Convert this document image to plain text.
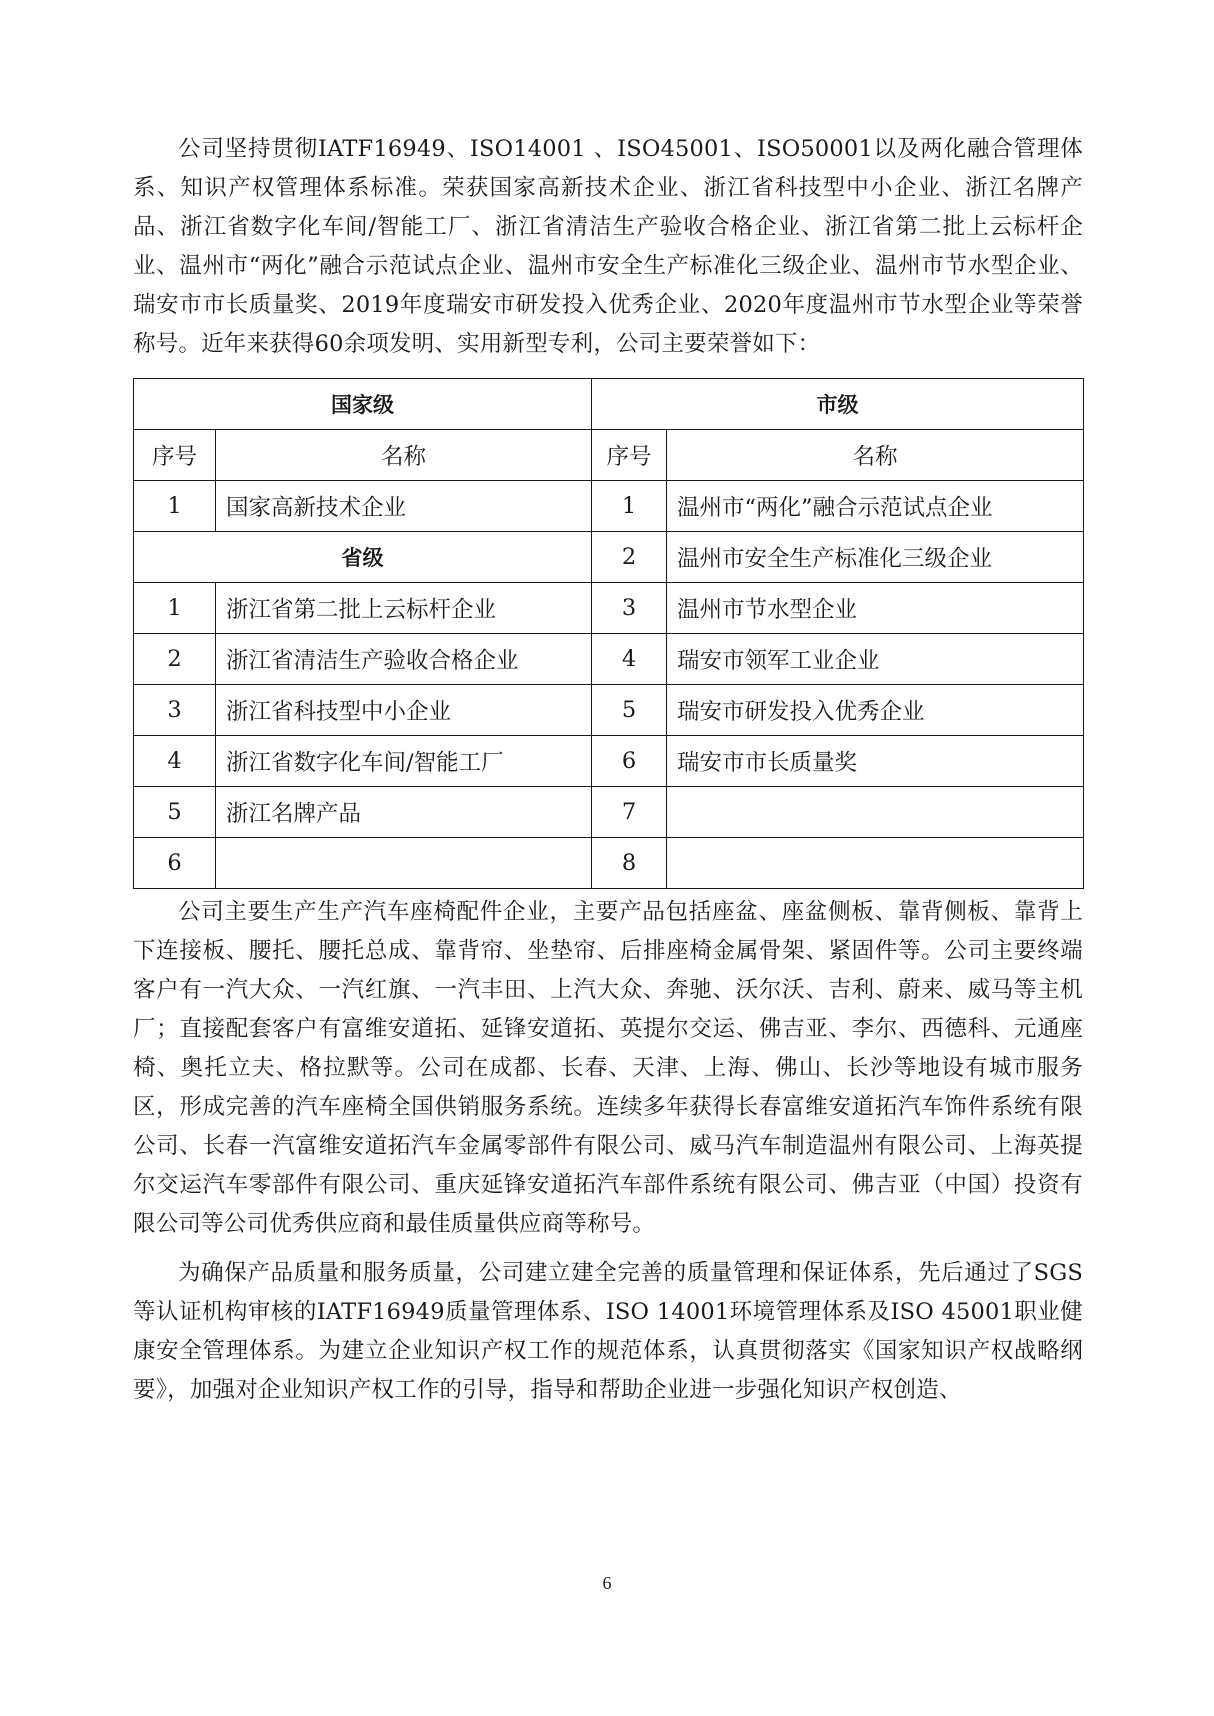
公司坚持贯彻IATF16949、ISO14001 、ISO45001、ISO50001以及两化融合管理体系、知识产权管理体系标准。荣获国家高新技术企业、浙江省科技型中小企业、浙江名牌产品、浙江省数字化车间/智能工厂、浙江省清洁生产验收合格企业、浙江省第二批上云标杆企业、温州市“两化”融合示范试点企业、温州市安全生产标准化三级企业、温州市节水型企业、瑞安市市长质量奖、2019年度瑞安市研发投入优秀企业、2020年度温州市节水型企业等荣誉称号。近年来获得60余项发明、实用新型专利，公司主要荣誉如下：

国家级		市级	
序号	名称	序号	名称
1	国家高新技术企业	1	温州市“两化”融合示范试点企业
省级		2	温州市安全生产标准化三级企业
1	浙江省第二批上云标杆企业	3	温州市节水型企业
2	浙江省清洁生产验收合格企业	4	瑞安市领军工业企业
3	浙江省科技型中小企业	5	瑞安市研发投入优秀企业
4	浙江省数字化车间/智能工厂	6	瑞安市市长质量奖
5	浙江名牌产品	7	
6		8	

公司主要生产生产汽车座椅配件企业，主要产品包括座盆、座盆侧板、靠背侧板、靠背上下连接板、腰托、腰托总成、靠背帘、坐垫帘、后排座椅金属骨架、紧固件等。公司主要终端客户有一汽大众、一汽红旗、一汽丰田、上汽大众、奔驰、沃尔沃、吉利、蔚来、威马等主机厂；直接配套客户有富维安道拓、延锋安道拓、英提尔交运、佛吉亚、李尔、西德科、元通座椅、奥托立夫、格拉默等。公司在成都、长春、天津、上海、佛山、长沙等地设有城市服务区，形成完善的汽车座椅全国供销服务系统。连续多年获得长春富维安道拓汽车饰件系统有限公司、长春一汽富维安道拓汽车金属零部件有限公司、威马汽车制造温州有限公司、上海英提尔交运汽车零部件有限公司、重庆延锋安道拓汽车部件系统有限公司、佛吉亚（中国）投资有限公司等公司优秀供应商和最佳质量供应商等称号。

为确保产品质量和服务质量，公司建立建全完善的质量管理和保证体系，先后通过了SGS等认证机构审核的IATF16949质量管理体系、ISO 14001环境管理体系及ISO 45001职业健康安全管理体系。为建立企业知识产权工作的规范体系，认真贯彻落实《国家知识产权战略纲要》，加强对企业知识产权工作的引导，指导和帮助企业进一步强化知识产权创造、

6
